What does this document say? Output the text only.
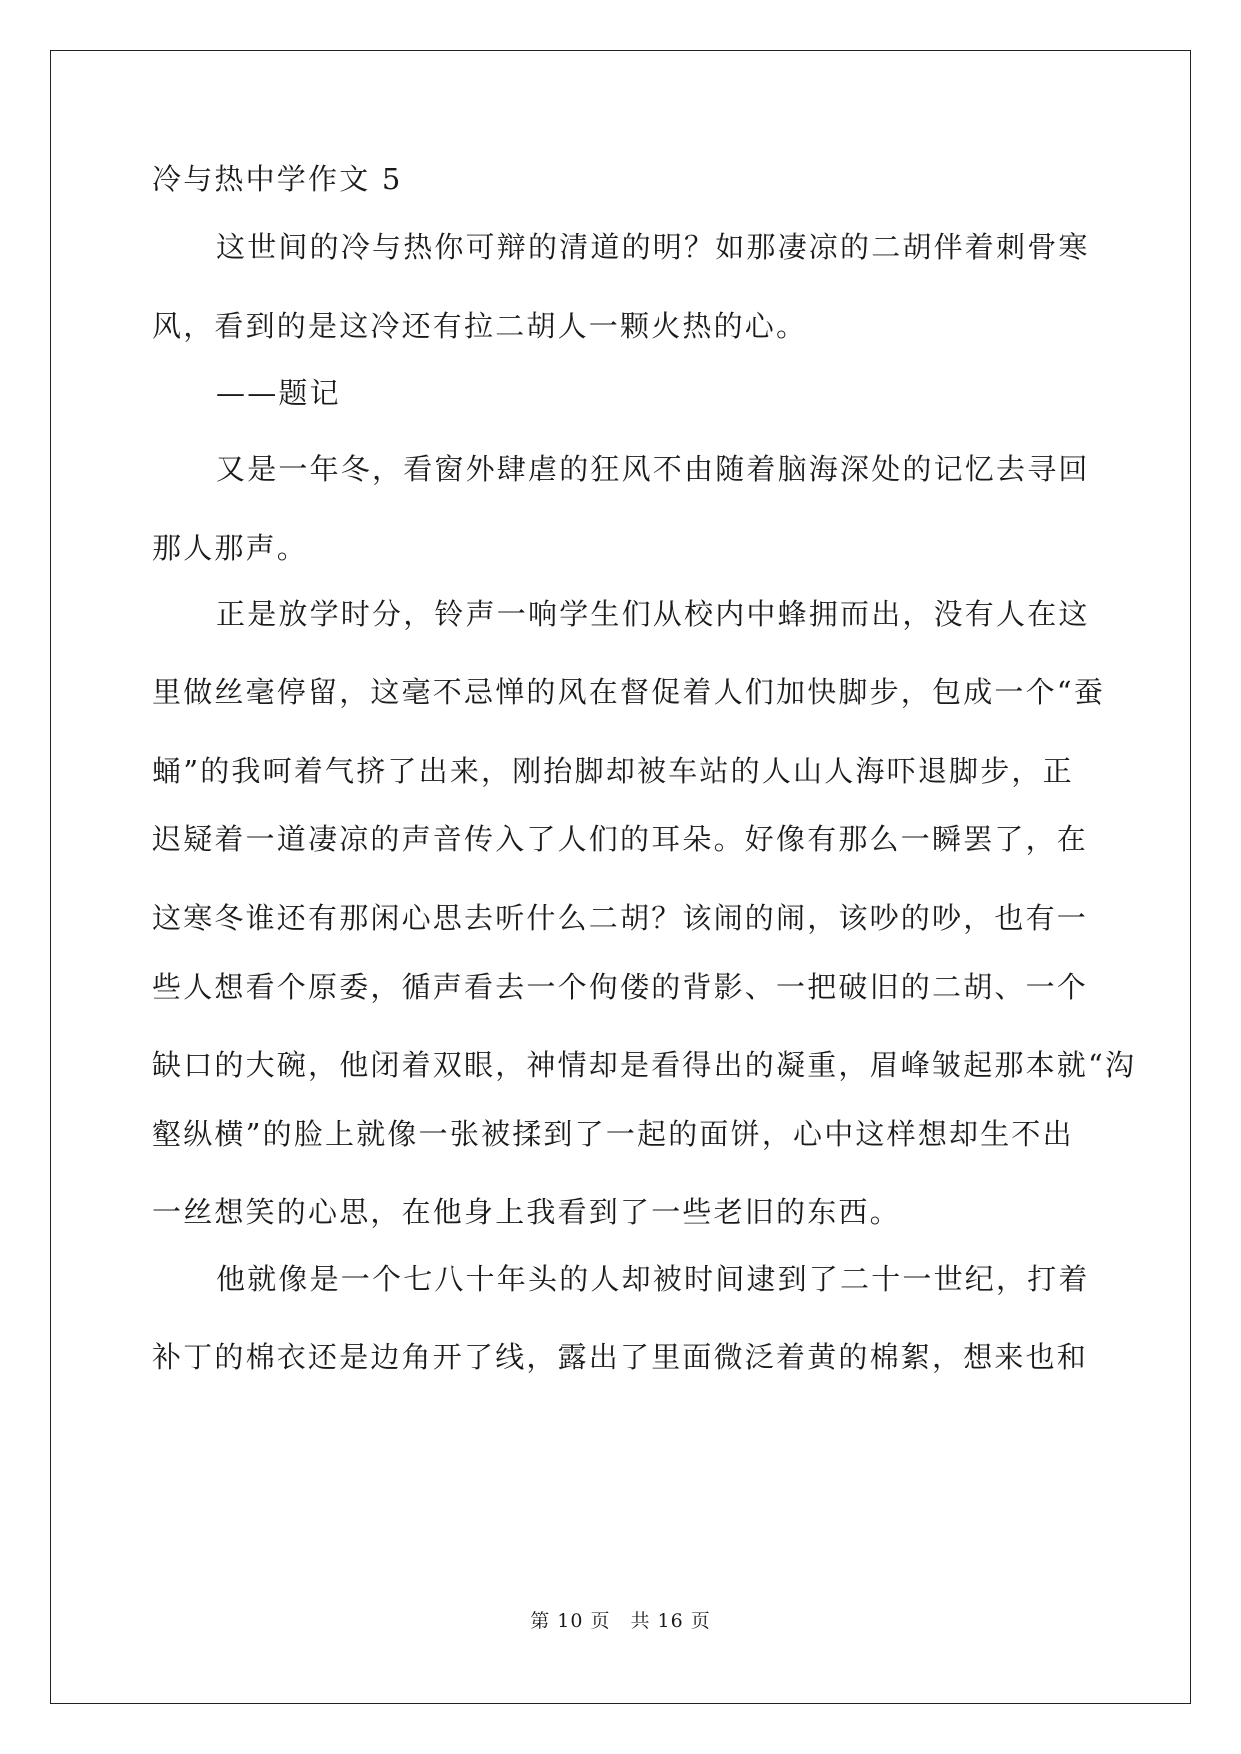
冷与热中学作文 5
这世间的冷与热你可辩的清道的明？如那凄凉的二胡伴着刺骨寒
风，看到的是这冷还有拉二胡人一颗火热的心。
——题记
又是一年冬，看窗外肆虐的狂风不由随着脑海深处的记忆去寻回
那人那声。
正是放学时分，铃声一响学生们从校内中蜂拥而出，没有人在这
里做丝毫停留，这毫不忌惮的风在督促着人们加快脚步，包成一个“蚕
蛹”的我呵着气挤了出来，刚抬脚却被车站的人山人海吓退脚步，正
迟疑着一道凄凉的声音传入了人们的耳朵。好像有那么一瞬罢了，在
这寒冬谁还有那闲心思去听什么二胡？该闹的闹，该吵的吵，也有一
些人想看个原委，循声看去一个佝偻的背影、一把破旧的二胡、一个
缺口的大碗，他闭着双眼，神情却是看得出的凝重，眉峰皱起那本就“沟
壑纵横”的脸上就像一张被揉到了一起的面饼，心中这样想却生不出
一丝想笑的心思，在他身上我看到了一些老旧的东西。
他就像是一个七八十年头的人却被时间逮到了二十一世纪，打着
补丁的棉衣还是边角开了线，露出了里面微泛着黄的棉絮，想来也和
第 10 页　共 16 页
